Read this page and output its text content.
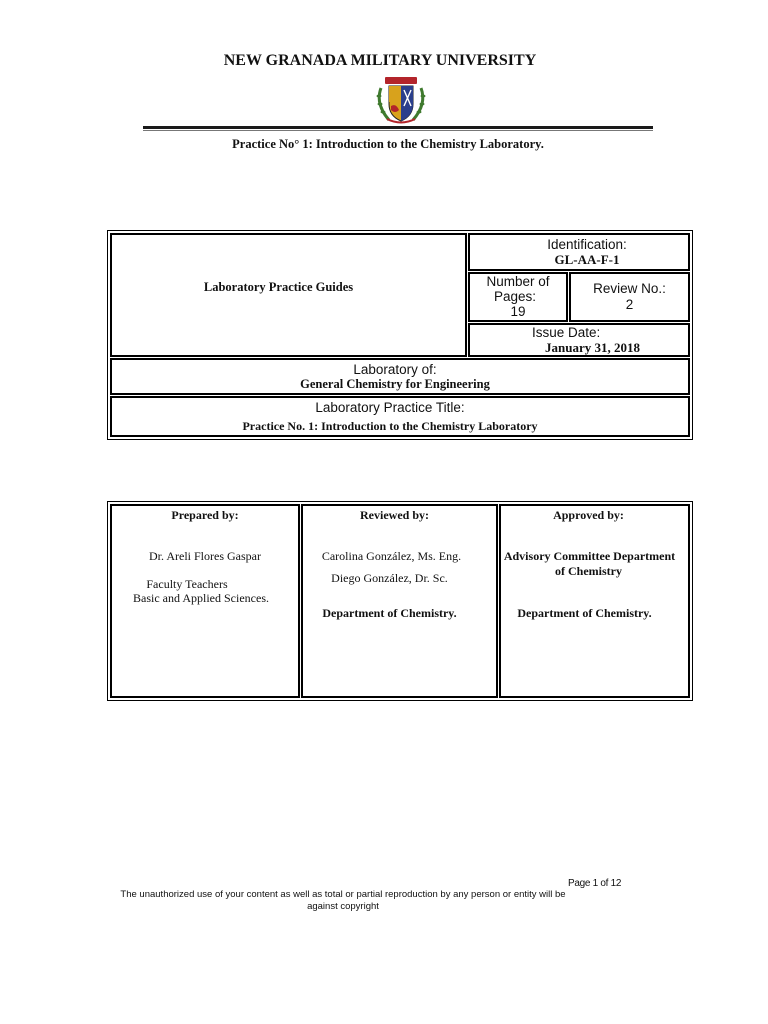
NEW GRANADA MILITARY UNIVERSITY
Practice No° 1: Introduction to the Chemistry Laboratory.
Laboratory Practice Guides
Identification:
GL-AA-F-1
Number of
Pages:
19
Review No.:
2
Issue Date:
January 31, 2018
Laboratory of:
General Chemistry for Engineering
Laboratory Practice Title:
Practice No. 1: Introduction to the Chemistry Laboratory
Prepared by:
Dr. Areli Flores Gaspar
Faculty Teachers
Basic and Applied Sciences.
Reviewed by:
Carolina González, Ms. Eng.
Diego González, Dr. Sc.
Department of Chemistry.
Approved by:
Advisory Committee Department
of Chemistry
Department of Chemistry.
Page 1 of 12
The unauthorized use of your content as well as total or partial reproduction by any person or entity will be
against copyright
